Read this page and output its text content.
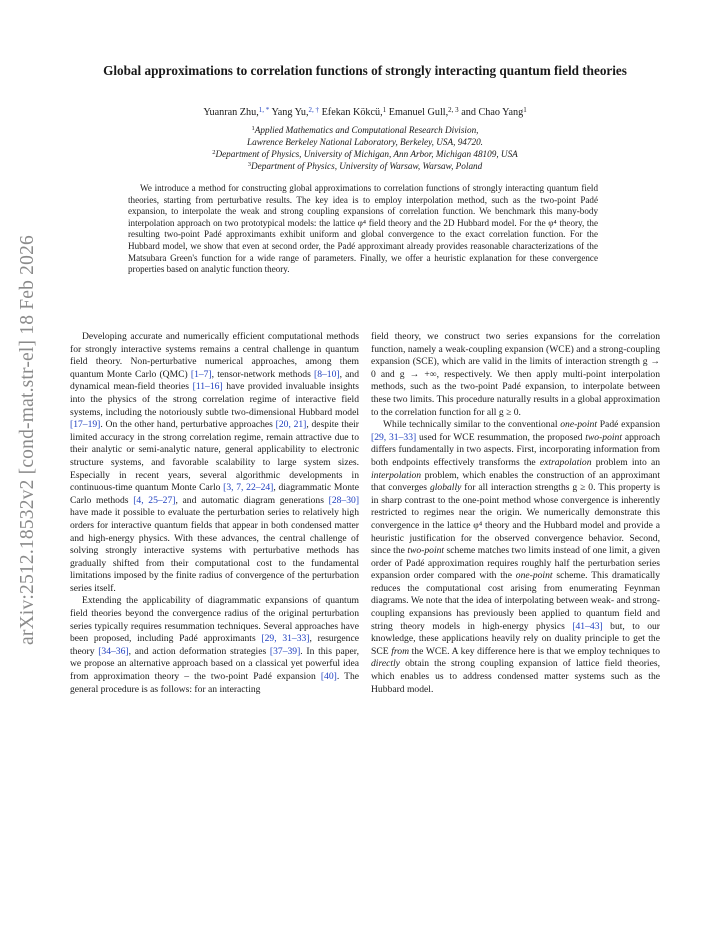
arXiv:2512.18532v2 [cond-mat.str-el] 18 Feb 2026
Global approximations to correlation functions of strongly interacting quantum field theories
Yuanran Zhu,$^{1, *}$ Yang Yu,$^{2, \dagger}$ Efekan Kökcü,$^1$ Emanuel Gull,$^{2, 3}$ and Chao Yang$^1$
$^1$Applied Mathematics and Computational Research Division,
Lawrence Berkeley National Laboratory, Berkeley, USA, 94720.
$^2$Department of Physics, University of Michigan, Ann Arbor, Michigan 48109, USA
$^3$Department of Physics, University of Warsaw, Warsaw, Poland

We introduce a method for constructing global approximations to correlation functions of strongly interacting quantum field theories, starting from perturbative results. The key idea is to employ interpolation method, such as the two-point Padé expansion, to interpolate the weak and strong coupling expansions of correlation function. We benchmark this many-body interpolation approach on two prototypical models: the lattice φ⁴ field theory and the 2D Hubbard model. For the φ⁴ theory, the resulting two-point Padé approximants exhibit uniform and global convergence to the exact correlation function. For the Hubbard model, we show that even at second order, the Padé approximant already provides reasonable characterizations of the Matsubara Green's function for a wide range of parameters. Finally, we offer a heuristic explanation for these convergence properties based on analytic function theory.

Developing accurate and numerically efficient computational methods for strongly interactive systems remains a central challenge in quantum field theory. Non-perturbative numerical approaches, among them quantum Monte Carlo (QMC) [1–7], tensor-network methods [8–10], and dynamical mean-field theories [11–16] have provided invaluable insights into the physics of the strong correlation regime of interactive field systems, including the notoriously subtle two-dimensional Hubbard model [17–19]. On the other hand, perturbative approaches [20, 21], despite their limited accuracy in the strong correlation regime, remain attractive due to their analytic or semi-analytic nature, general applicability to electronic structure systems, and favorable scalability to large system sizes. Especially in recent years, several algorithmic developments in continuous-time quantum Monte Carlo [3, 7, 22–24], diagrammatic Monte Carlo methods [4, 25–27], and automatic diagram generations [28–30] have made it possible to evaluate the perturbation series to relatively high orders for interactive quantum fields that appear in both condensed matter and high-energy physics. With these advances, the central challenge of solving strongly interactive systems with perturbative methods has gradually shifted from their computational cost to the fundamental limitations imposed by the finite radius of convergence of the perturbation series itself.

Extending the applicability of diagrammatic expansions of quantum field theories beyond the convergence radius of the original perturbation series typically requires resummation techniques. Several approaches have been proposed, including Padé approximants [29, 31–33], resurgence theory [34–36], and action deformation strategies [37–39]. In this paper, we propose an alternative approach based on a classical yet powerful idea from approximation theory – the two-point Padé expansion [40]. The general procedure is as follows: for an interacting

field theory, we construct two series expansions for the correlation function, namely a weak-coupling expansion (WCE) and a strong-coupling expansion (SCE), which are valid in the limits of interaction strength g → 0 and g → +∞, respectively. We then apply multi-point interpolation methods, such as the two-point Padé expansion, to interpolate between these two limits. This procedure naturally results in a global approximation to the correlation function for all g ≥ 0.

While technically similar to the conventional one-point Padé expansion [29, 31–33] used for WCE resummation, the proposed two-point approach differs fundamentally in two aspects. First, incorporating information from both endpoints effectively transforms the extrapolation problem into an interpolation problem, which enables the construction of an approximant that converges globally for all interaction strengths g ≥ 0. This property is in sharp contrast to the one-point method whose convergence is inherently restricted to regimes near the origin. We numerically demonstrate this convergence in the lattice φ⁴ theory and the Hubbard model and provide a heuristic justification for the observed convergence behavior. Second, since the two-point scheme matches two limits instead of one limit, a given order of Padé approximation requires roughly half the perturbation series expansion order compared with the one-point scheme. This dramatically reduces the computational cost arising from enumerating Feynman diagrams. We note that the idea of interpolating between weak- and strong-coupling expansions has previously been applied to quantum field and string theory models in high-energy physics [41–43] but, to our knowledge, these applications heavily rely on duality principle to get the SCE from the WCE. A key difference here is that we employ techniques to directly obtain the strong coupling expansion of lattice field theories, which enables us to address condensed matter systems such as the Hubbard model.
